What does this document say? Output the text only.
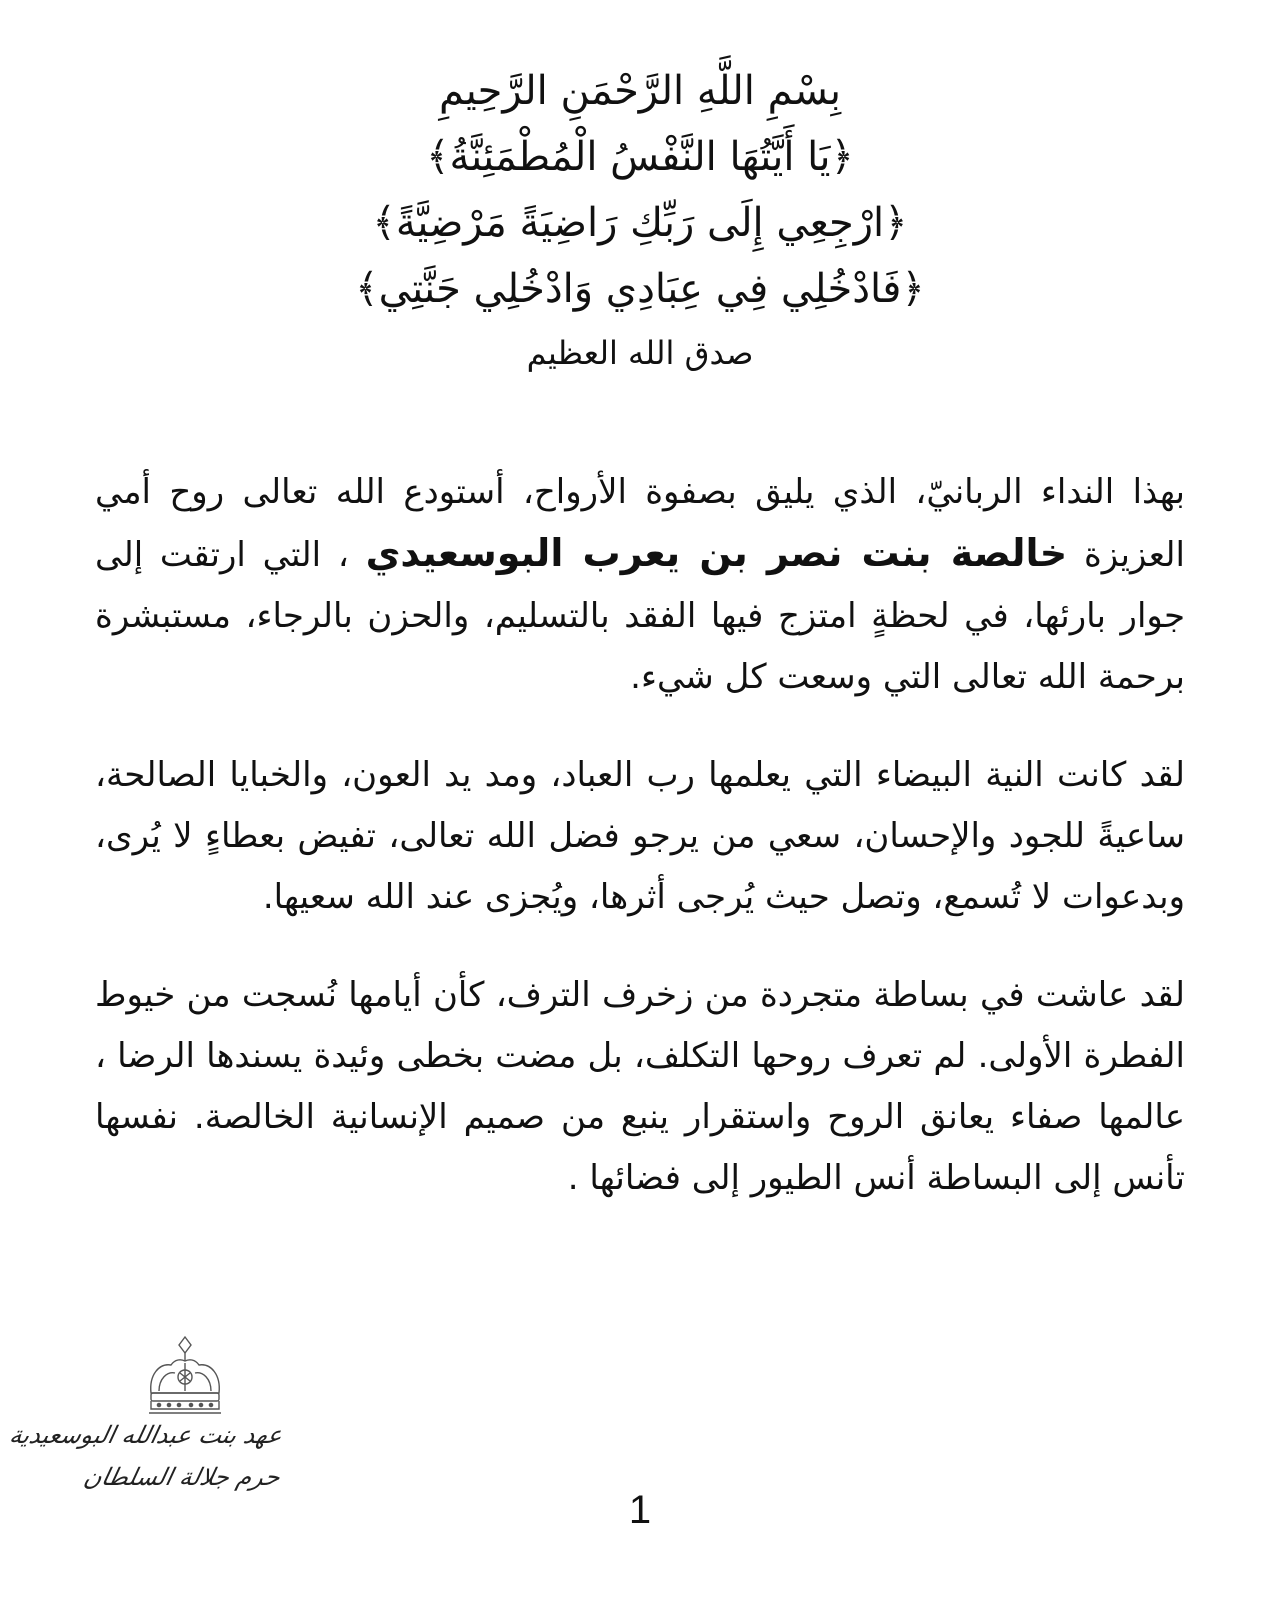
بِسْمِ اللَّهِ الرَّحْمَنِ الرَّحِيمِ
﴿يَا أَيَّتُهَا النَّفْسُ الْمُطْمَئِنَّةُ﴾
﴿ارْجِعِي إِلَى رَبِّكِ رَاضِيَةً مَرْضِيَّةً﴾
﴿فَادْخُلِي فِي عِبَادِي وَادْخُلِي جَنَّتِي﴾
صدق الله العظيم

بهذا النداء الربانيّ، الذي يليق بصفوة الأرواح، أستودع الله تعالى روح أمي العزيزة خالصة بنت نصر بن يعرب البوسعيدي ، التي ارتقت إلى جوار بارئها، في لحظةٍ امتزج فيها الفقد بالتسليم، والحزن بالرجاء، مستبشرة برحمة الله تعالى التي وسعت كل شيء.

لقد كانت النية البيضاء التي يعلمها رب العباد، ومد يد العون، والخبايا الصالحة، ساعيةً للجود والإحسان، سعي من يرجو فضل الله تعالى، تفيض بعطاءٍ لا يُرى، وبدعوات لا تُسمع، وتصل حيث يُرجى أثرها، ويُجزى عند الله سعيها.

لقد عاشت في بساطة متجردة من زخرف الترف، كأن أيامها نُسجت من خيوط الفطرة الأولى. لم تعرف روحها التكلف، بل مضت بخطى وئيدة يسندها الرضا ، عالمها صفاء يعانق الروح واستقرار ينبع من صميم الإنسانية الخالصة. نفسها تأنس إلى البساطة أنس الطيور إلى فضائها .

عهد بنت عبدالله البوسعيدية
حرم جلالة السلطان
1
